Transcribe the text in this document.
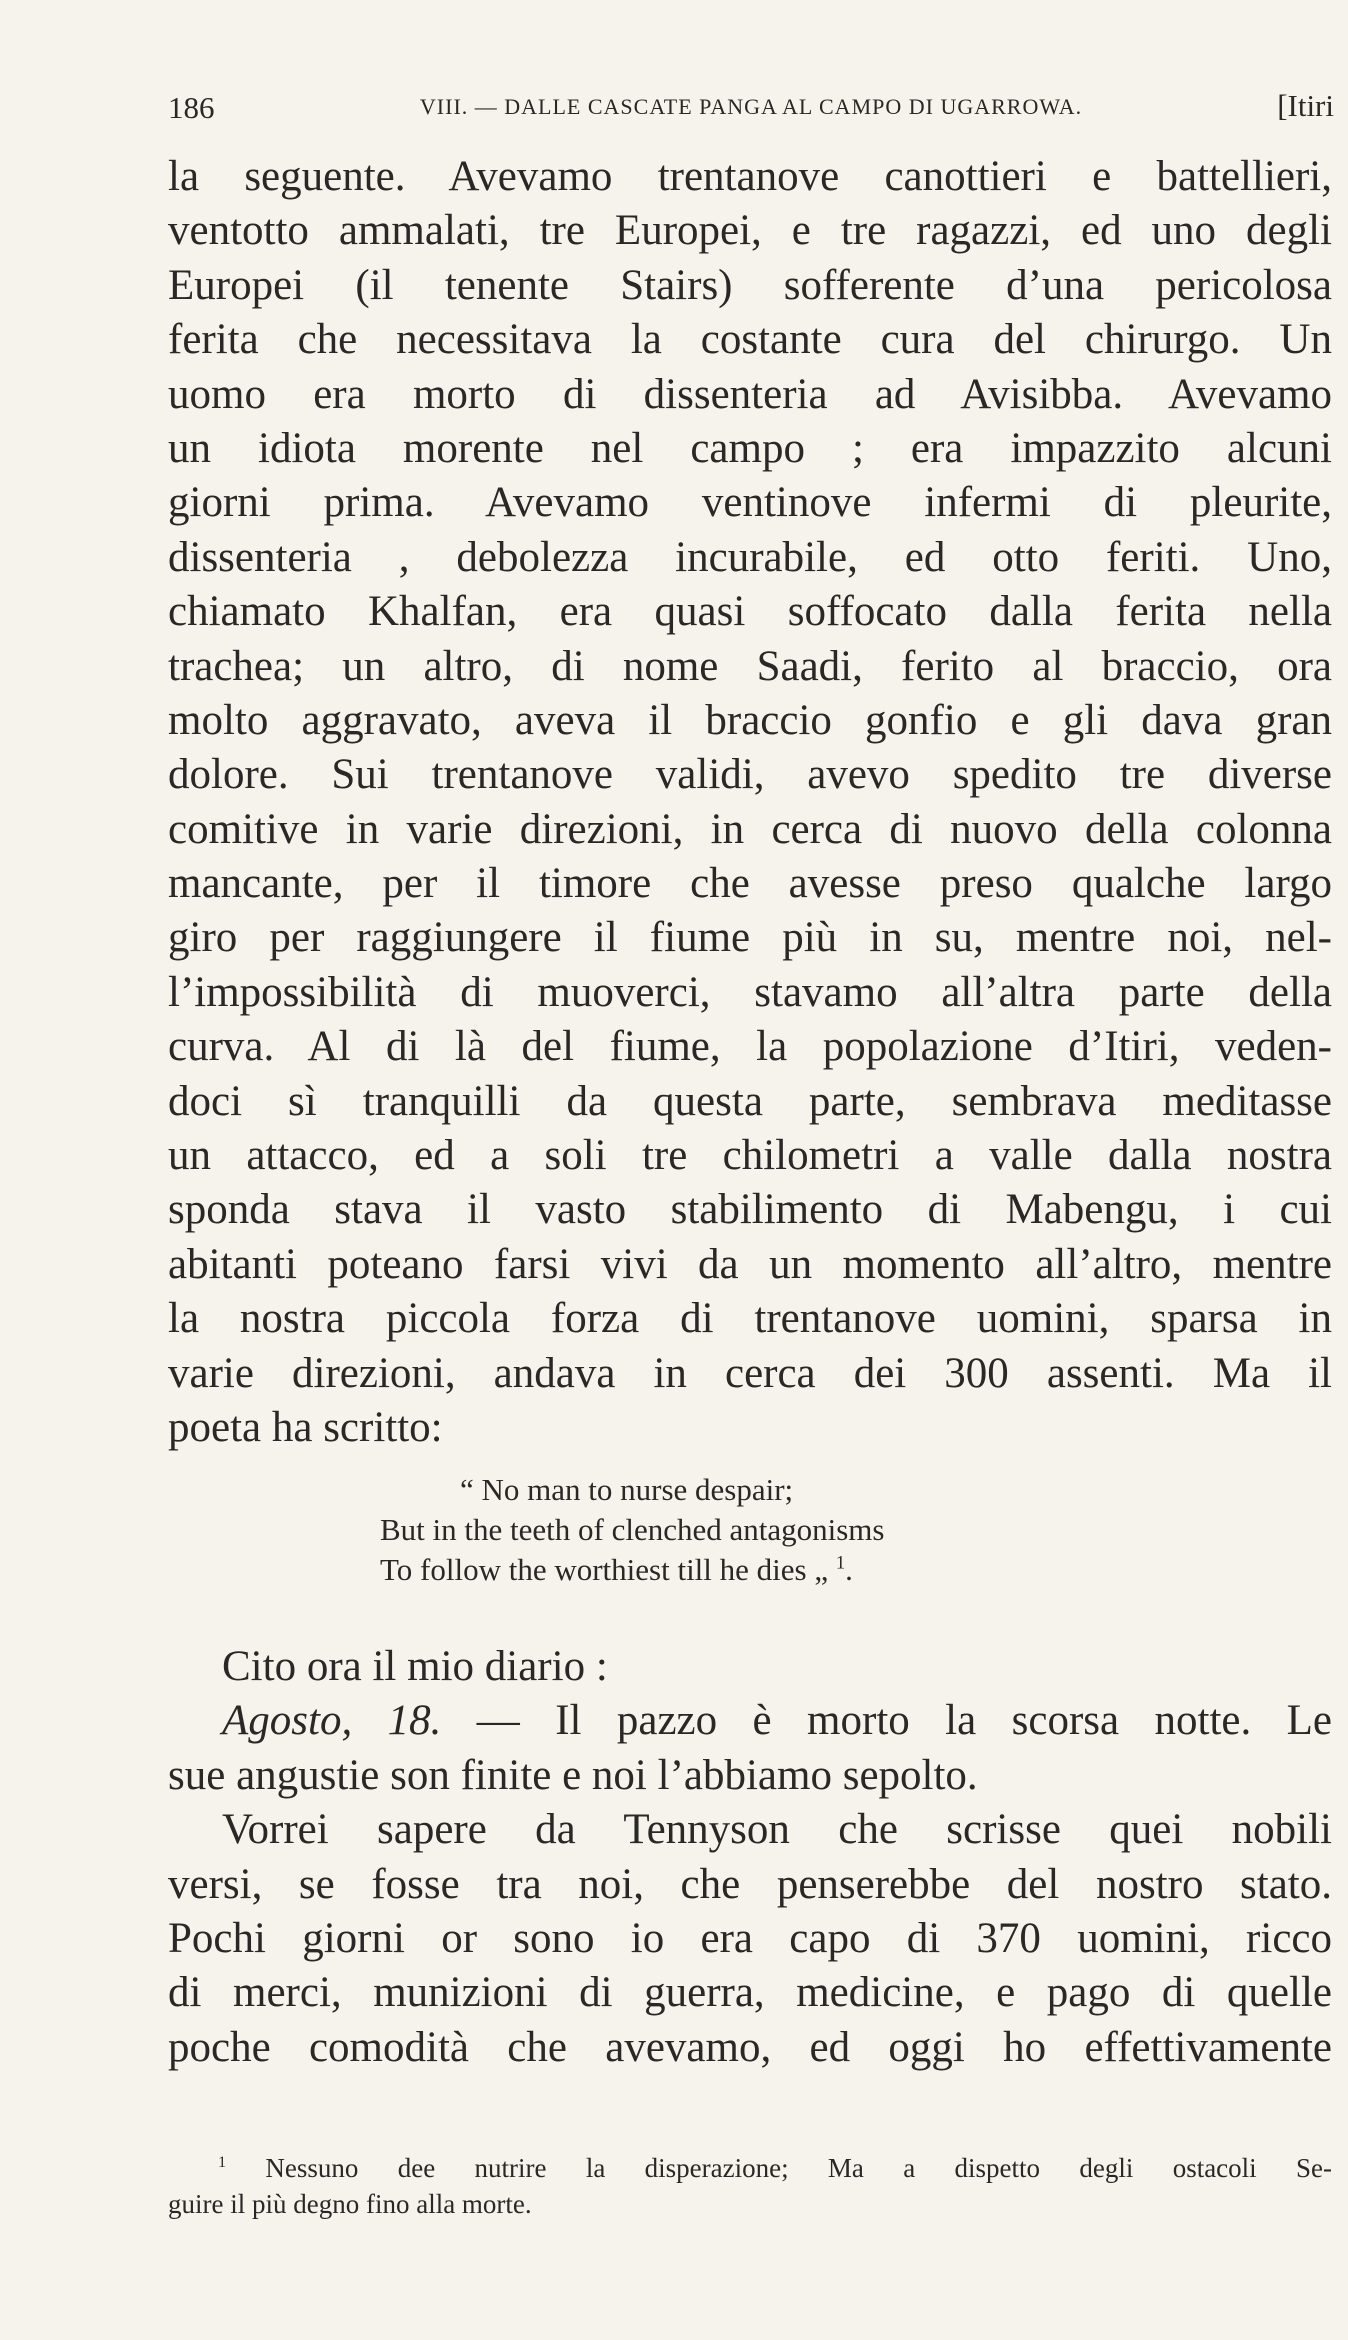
186	VIII. — DALLE CASCATE PANGA AL CAMPO DI UGARROWA.	[Itiri
la seguente. Avevamo trentanove canottieri e battellieri,
ventotto ammalati, tre Europei, e tre ragazzi, ed uno degli
Europei (il tenente Stairs) sofferente d’una pericolosa
ferita che necessitava la costante cura del chirurgo. Un
uomo era morto di dissenteria ad Avisibba. Avevamo
un idiota morente nel campo ; era impazzito alcuni
giorni prima. Avevamo ventinove infermi di pleurite,
dissenteria , debolezza incurabile, ed otto feriti. Uno,
chiamato Khalfan, era quasi soffocato dalla ferita nella
trachea; un altro, di nome Saadi, ferito al braccio, ora
molto aggravato, aveva il braccio gonfio e gli dava gran
dolore. Sui trentanove validi, avevo spedito tre diverse
comitive in varie direzioni, in cerca di nuovo della colonna
mancante, per il timore che avesse preso qualche largo
giro per raggiungere il fiume più in su, mentre noi, nel-
l’impossibilità di muoverci, stavamo all’altra parte della
curva. Al di là del fiume, la popolazione d’Itiri, veden-
doci sì tranquilli da questa parte, sembrava meditasse
un attacco, ed a soli tre chilometri a valle dalla nostra
sponda stava il vasto stabilimento di Mabengu, i cui
abitanti poteano farsi vivi da un momento all’altro, mentre
la nostra piccola forza di trentanove uomini, sparsa in
varie direzioni, andava in cerca dei 300 assenti. Ma il
poeta ha scritto:
“ No man to nurse despair;
But in the teeth of clenched antagonisms
To follow the worthiest till he dies „ $^1$.
Cito ora il mio diario :
Agosto, 18. — Il pazzo è morto la scorsa notte. Le
sue angustie son finite e noi l’abbiamo sepolto.
Vorrei sapere da Tennyson che scrisse quei nobili
versi, se fosse tra noi, che penserebbe del nostro stato.
Pochi giorni or sono io era capo di 370 uomini, ricco
di merci, munizioni di guerra, medicine, e pago di quelle
poche comodità che avevamo, ed oggi ho effettivamente
$^1$ Nessuno dee nutrire la disperazione; Ma a dispetto degli ostacoli Se-
guire il più degno fino alla morte.
